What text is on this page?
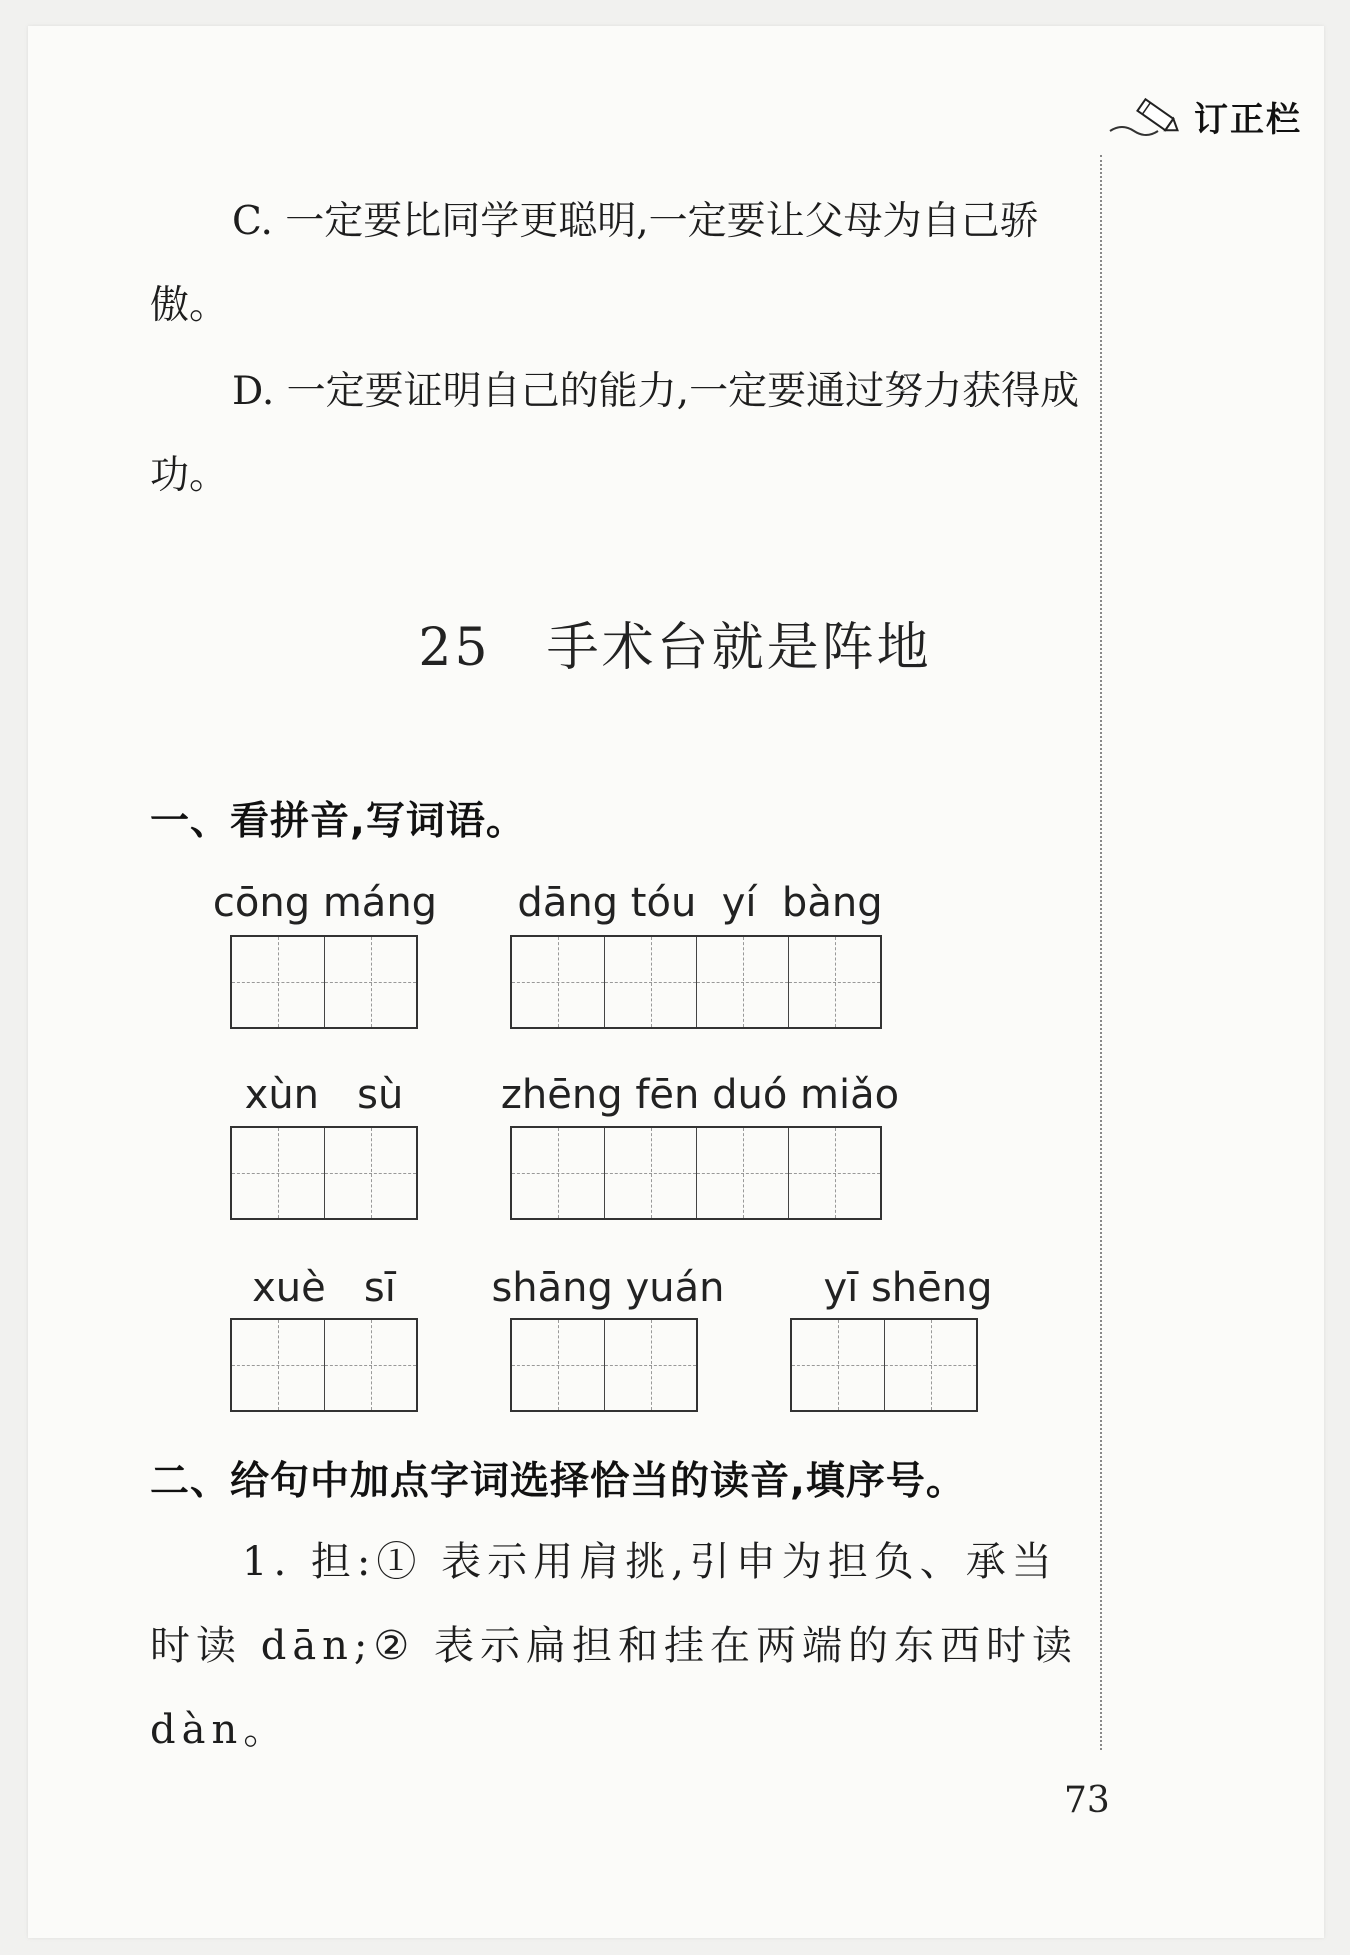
订正栏

C. 一定要比同学更聪明,一定要让父母为自己骄傲。

D. 一定要证明自己的能力,一定要通过努力获得成功。

25 手术台就是阵地
一、看拼音,写词语。
cōng máng	dāng tóu  yí  bàng
xùn   sù	zhēng fēn duó miǎo
xuè   sī	shāng yuán	yī shēng
二、给句中加点字词选择恰当的读音,填序号。

1. 担:① 表示用肩挑,引申为担负、承当时读 dān;② 表示扁担和挂在两端的东西时读 dàn。

73
